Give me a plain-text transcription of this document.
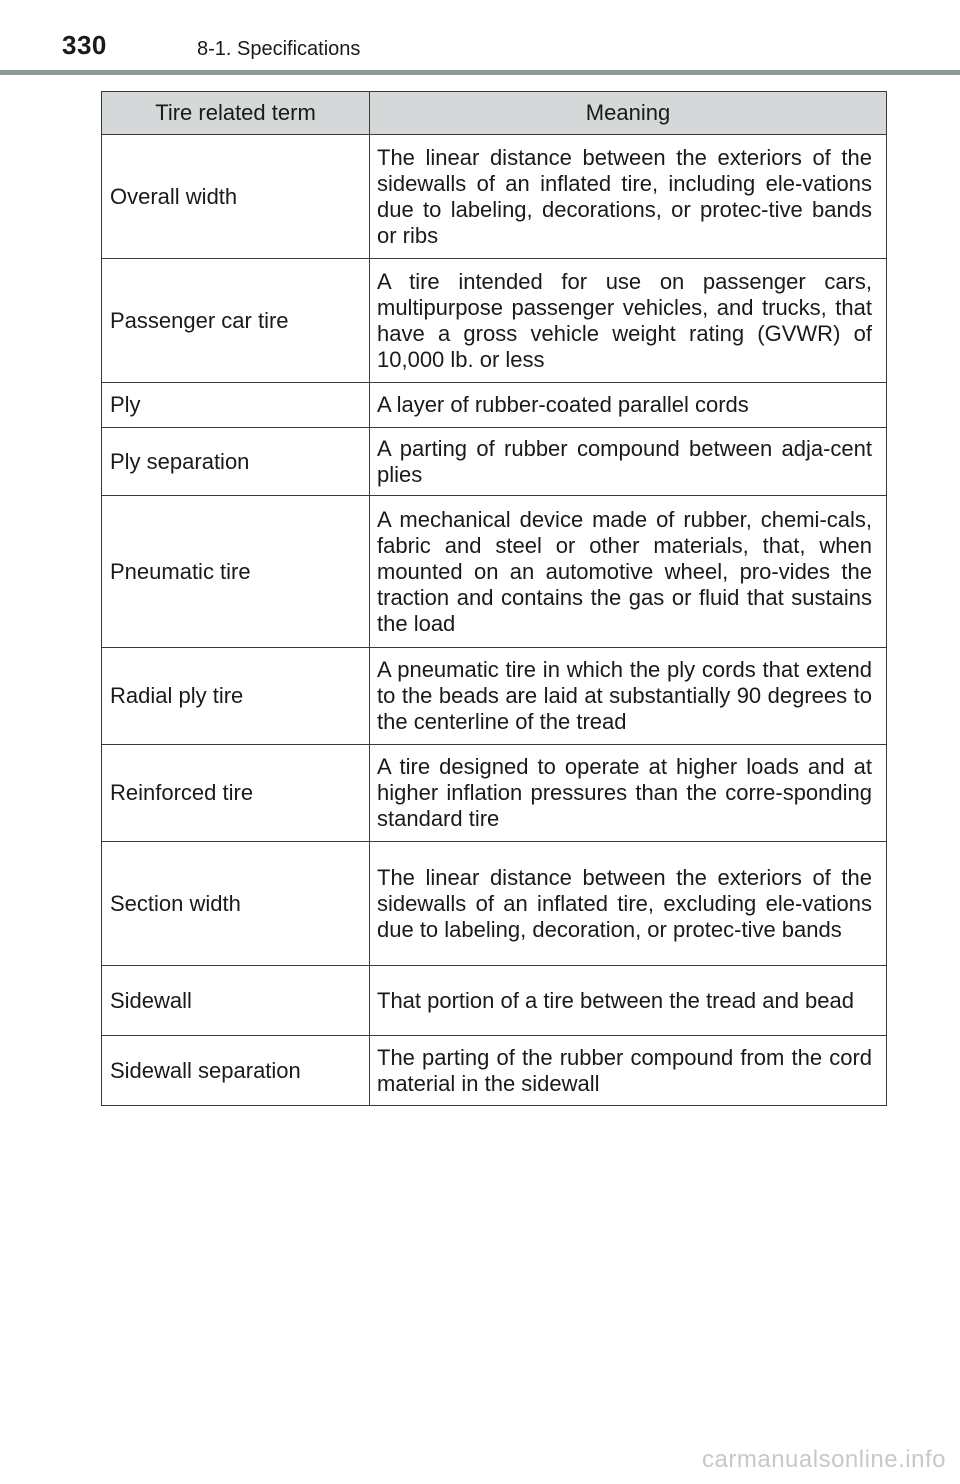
330	8-1. Specifications
Tire related term	Meaning
Overall width	The linear distance between the exteriors of the sidewalls of an inflated tire, including ele-vations due to labeling, decorations, or protec-tive bands or ribs
Passenger car tire	A tire intended for use on passenger cars, multipurpose passenger vehicles, and trucks, that have a gross vehicle weight rating (GVWR) of 10,000 lb. or less
Ply	A layer of rubber-coated parallel cords
Ply separation	A parting of rubber compound between adja-cent plies
Pneumatic tire	A mechanical device made of rubber, chemi-cals, fabric and steel or other materials, that, when mounted on an automotive wheel, pro-vides the traction and contains the gas or fluid that sustains the load
Radial ply tire	A pneumatic tire in which the ply cords that extend to the beads are laid at substantially 90 degrees to the centerline of the tread
Reinforced tire	A tire designed to operate at higher loads and at higher inflation pressures than the corre-sponding standard tire
Section width	The linear distance between the exteriors of the sidewalls of an inflated tire, excluding ele-vations due to labeling, decoration, or protec-tive bands
Sidewall	That portion of a tire between the tread and bead
Sidewall separation	The parting of the rubber compound from the cord material in the sidewall
carmanualsonline.info
